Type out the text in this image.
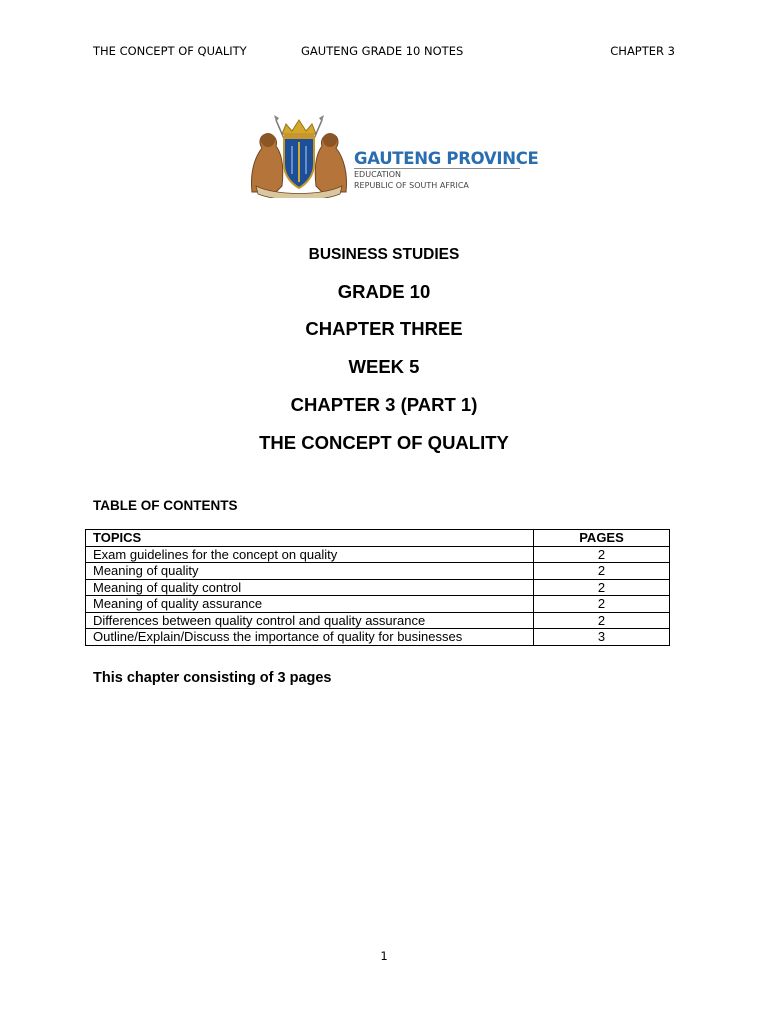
THE CONCEPT OF QUALITY	GAUTENG GRADE 10 NOTES	CHAPTER 3
GAUTENG PROVINCE
EDUCATION
REPUBLIC OF SOUTH AFRICA
BUSINESS STUDIES
GRADE 10
CHAPTER THREE
WEEK 5
CHAPTER 3 (PART 1)
THE CONCEPT OF QUALITY
TABLE OF CONTENTS
TOPICS	PAGES
Exam guidelines for the concept on quality	2
Meaning of quality	2
Meaning of quality control	2
Meaning of quality assurance	2
Differences between quality control and quality assurance	2
Outline/Explain/Discuss the importance of quality for businesses	3
This chapter consisting of 3 pages
1
